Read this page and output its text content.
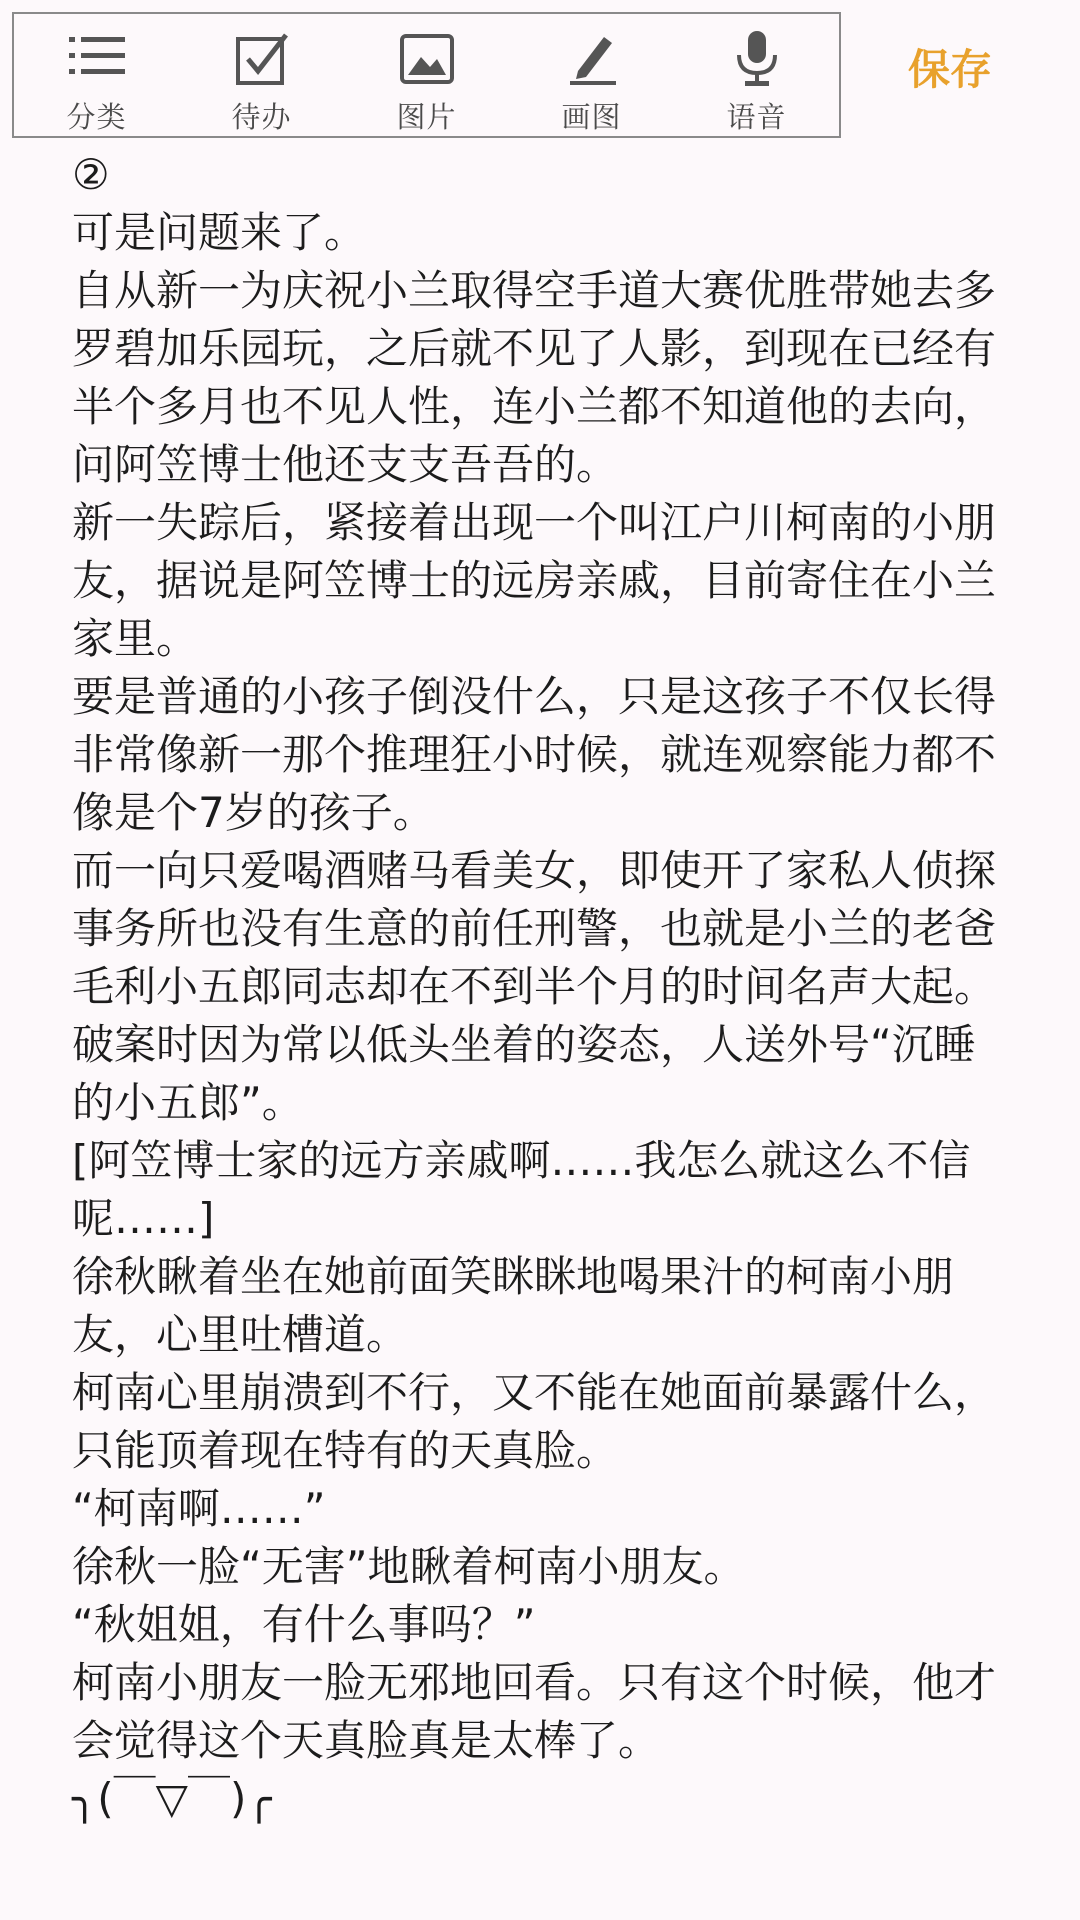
分类	待办	图片	画图	语音
保存

②

可是问题来了。

自从新一为庆祝小兰取得空手道大赛优胜带她去多罗碧加乐园玩，之后就不见了人影，到现在已经有半个多月也不见人性，连小兰都不知道他的去向，问阿笠博士他还支支吾吾的。

新一失踪后，紧接着出现一个叫江户川柯南的小朋友，据说是阿笠博士的远房亲戚，目前寄住在小兰家里。

要是普通的小孩子倒没什么，只是这孩子不仅长得非常像新一那个推理狂小时候，就连观察能力都不像是个7岁的孩子。

而一向只爱喝酒赌马看美女，即使开了家私人侦探事务所也没有生意的前任刑警，也就是小兰的老爸毛利小五郎同志却在不到半个月的时间名声大起。破案时因为常以低头坐着的姿态，人送外号“沉睡的小五郎”。

[阿笠博士家的远方亲戚啊……我怎么就这么不信呢……]

徐秋瞅着坐在她前面笑眯眯地喝果汁的柯南小朋友，心里吐槽道。

柯南心里崩溃到不行，又不能在她面前暴露什么，只能顶着现在特有的天真脸。

“柯南啊……”

徐秋一脸“无害”地瞅着柯南小朋友。

“秋姐姐，有什么事吗？”

柯南小朋友一脸无邪地回看。只有这个时候，他才会觉得这个天真脸真是太棒了。

╮(￣▽￣)╭
